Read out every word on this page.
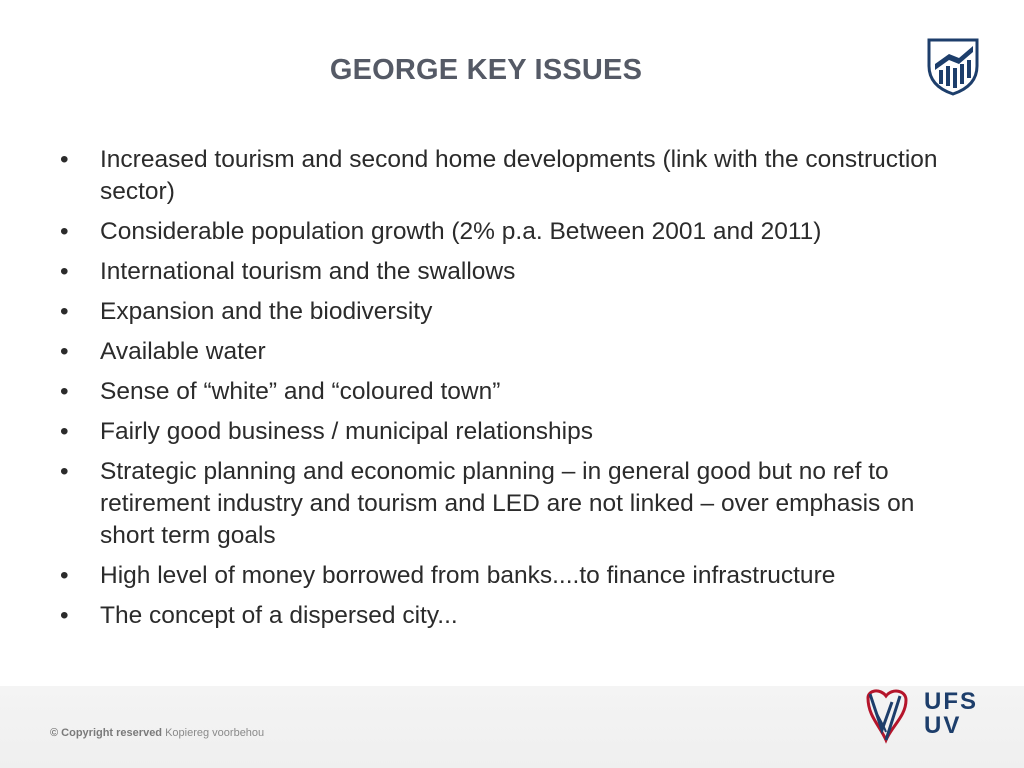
GEORGE KEY ISSUES
•	Increased tourism and second home developments (link with the construction sector)
•	Considerable population growth (2% p.a. Between 2001 and 2011)
•	International tourism and the swallows
•	Expansion and the biodiversity
•	Available water
•	Sense of “white” and “coloured town”
•	Fairly good business / municipal relationships
•	Strategic planning and economic planning – in general good but no ref to retirement industry and tourism and LED are not linked – over emphasis on short term goals
•	High level of money borrowed from banks....to finance infrastructure
•	The concept of a dispersed city...
© Copyright reserved Kopiereg voorbehou
UFS
UV
